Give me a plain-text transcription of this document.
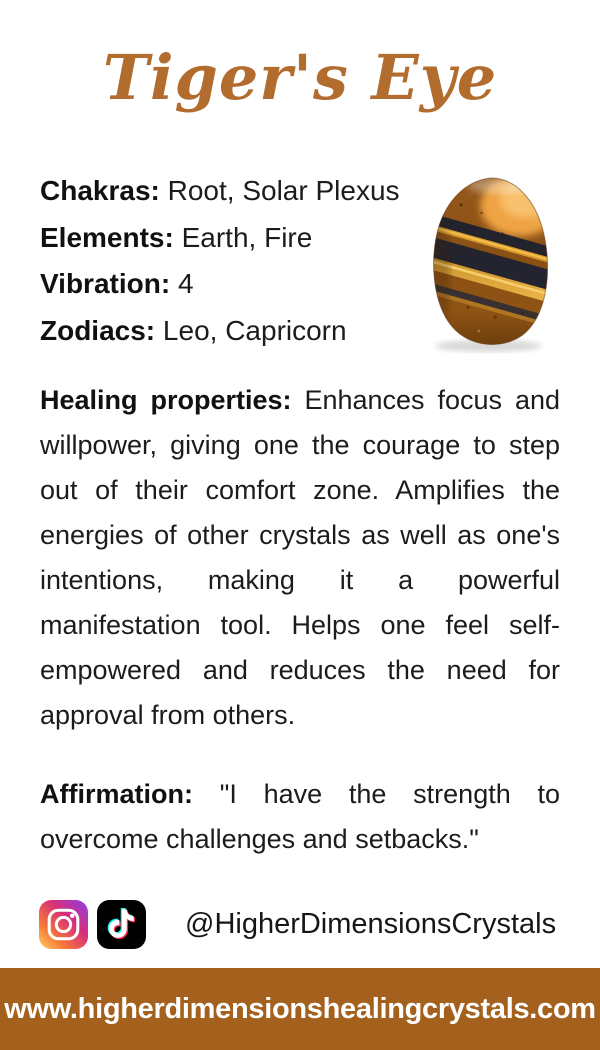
Tiger's Eye
Chakras: Root, Solar Plexus
Elements: Earth, Fire
Vibration: 4
Zodiacs: Leo, Capricorn

Healing properties: Enhances focus and willpower, giving one the courage to step out of their comfort zone. Amplifies the energies of other crystals as well as one's intentions, making it a powerful manifestation tool. Helps one feel self-empowered and reduces the need for approval from others.

Affirmation: "I have the strength to overcome challenges and setbacks."

@HigherDimensionsCrystals
www.higherdimensionshealingcrystals.com
